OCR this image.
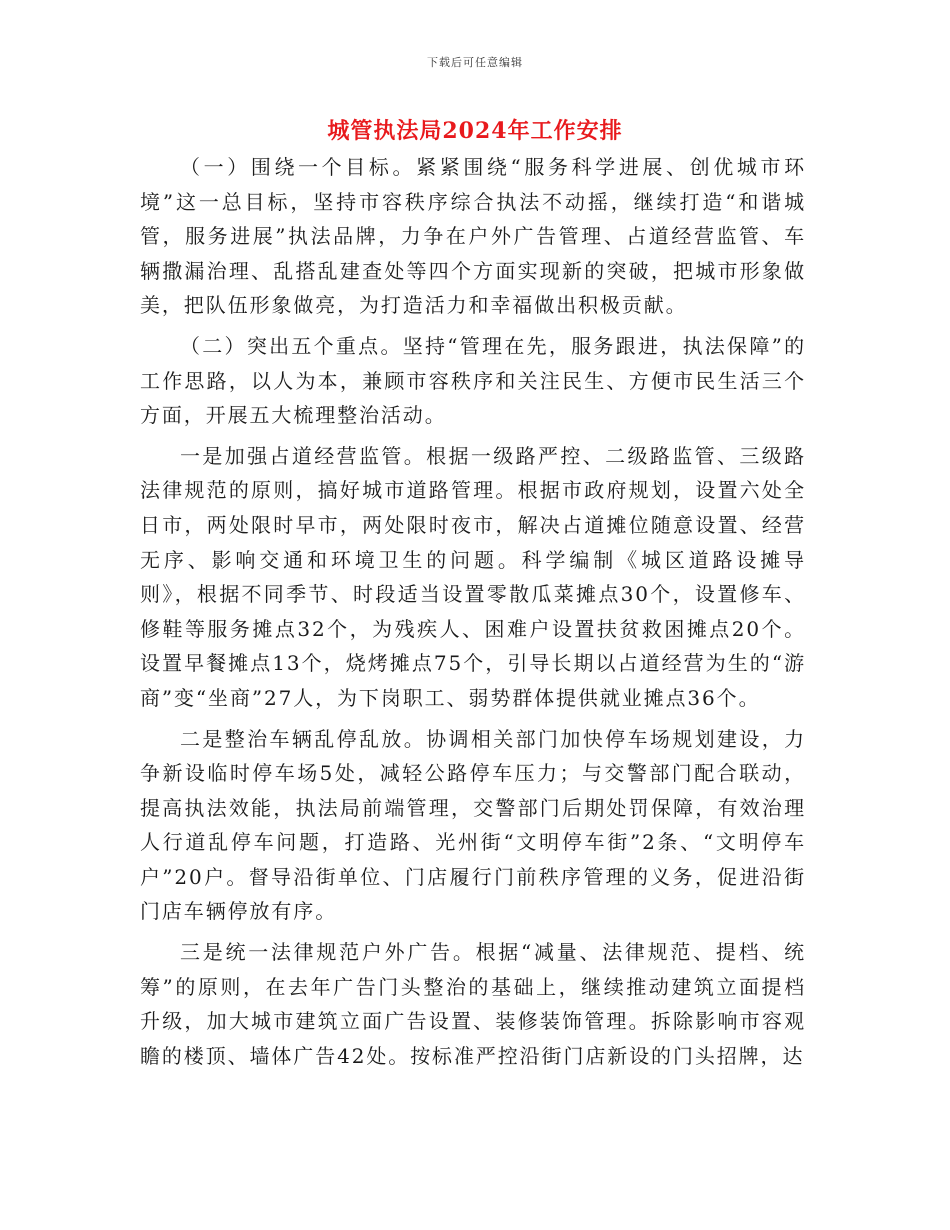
下载后可任意编辑
城管执法局2024年工作安排

（一）围绕一个目标。紧紧围绕“服务科学进展、创优城市环境”这一总目标，坚持市容秩序综合执法不动摇，继续打造“和谐城管，服务进展”执法品牌，力争在户外广告管理、占道经营监管、车辆撒漏治理、乱搭乱建查处等四个方面实现新的突破，把城市形象做美，把队伍形象做亮，为打造活力和幸福做出积极贡献。

（二）突出五个重点。坚持“管理在先，服务跟进，执法保障”的工作思路，以人为本，兼顾市容秩序和关注民生、方便市民生活三个方面，开展五大梳理整治活动。

一是加强占道经营监管。根据一级路严控、二级路监管、三级路法律规范的原则，搞好城市道路管理。根据市政府规划，设置六处全日市，两处限时早市，两处限时夜市，解决占道摊位随意设置、经营无序、影响交通和环境卫生的问题。科学编制《城区道路设摊导则》，根据不同季节、时段适当设置零散瓜菜摊点30个，设置修车、修鞋等服务摊点32个，为残疾人、困难户设置扶贫救困摊点20个。设置早餐摊点13个，烧烤摊点75个，引导长期以占道经营为生的“游商”变“坐商”27人，为下岗职工、弱势群体提供就业摊点36个。

二是整治车辆乱停乱放。协调相关部门加快停车场规划建设，力争新设临时停车场5处，减轻公路停车压力；与交警部门配合联动，提高执法效能，执法局前端管理，交警部门后期处罚保障，有效治理人行道乱停车问题，打造路、光州街“文明停车街”2条、“文明停车户”20户。督导沿街单位、门店履行门前秩序管理的义务，促进沿街门店车辆停放有序。

三是统一法律规范户外广告。根据“减量、法律规范、提档、统筹”的原则，在去年广告门头整治的基础上，继续推动建筑立面提档升级，加大城市建筑立面广告设置、装修装饰管理。拆除影响市容观瞻的楼顶、墙体广告42处。按标准严控沿街门店新设的门头招牌，达
